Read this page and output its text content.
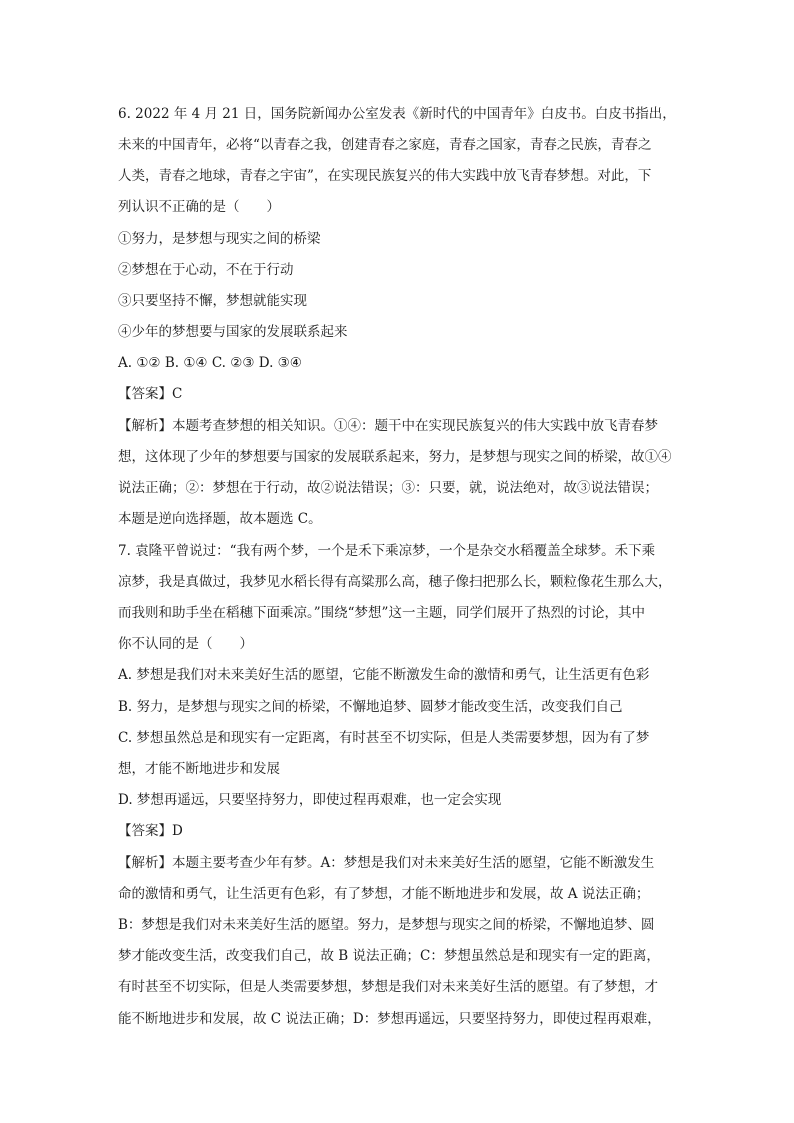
6. 2022 年 4 月 21 日，国务院新闻办公室发表《新时代的中国青年》白皮书。白皮书指出，
未来的中国青年，必将“以青春之我，创建青春之家庭，青春之国家，青春之民族，青春之
人类，青春之地球，青春之宇宙”，在实现民族复兴的伟大实践中放飞青春梦想。对此，下
列认识不正确的是（　　）
①努力，是梦想与现实之间的桥梁
②梦想在于心动，不在于行动
③只要坚持不懈，梦想就能实现
④少年的梦想要与国家的发展联系起来
A. ①② B. ①④ C. ②③ D. ③④
【答案】C
【解析】本题考查梦想的相关知识。①④：题干中在实现民族复兴的伟大实践中放飞青春梦
想，这体现了少年的梦想要与国家的发展联系起来，努力，是梦想与现实之间的桥梁，故①④
说法正确；②：梦想在于行动，故②说法错误；③：只要，就，说法绝对，故③说法错误；
本题是逆向选择题，故本题选 C。
7. 袁隆平曾说过：“我有两个梦，一个是禾下乘凉梦，一个是杂交水稻覆盖全球梦。禾下乘
凉梦，我是真做过，我梦见水稻长得有高粱那么高，穗子像扫把那么长，颗粒像花生那么大，
而我则和助手坐在稻穗下面乘凉。”围绕“梦想”这一主题，同学们展开了热烈的讨论，其中
你不认同的是（　　）
A. 梦想是我们对未来美好生活的愿望，它能不断激发生命的激情和勇气，让生活更有色彩
B. 努力，是梦想与现实之间的桥梁，不懈地追梦、圆梦才能改变生活，改变我们自己
C. 梦想虽然总是和现实有一定距离，有时甚至不切实际，但是人类需要梦想，因为有了梦
想，才能不断地进步和发展
D. 梦想再遥远，只要坚持努力，即使过程再艰难，也一定会实现
【答案】D
【解析】本题主要考查少年有梦。A：梦想是我们对未来美好生活的愿望，它能不断激发生
命的激情和勇气，让生活更有色彩，有了梦想，才能不断地进步和发展，故 A 说法正确；
B：梦想是我们对未来美好生活的愿望。努力，是梦想与现实之间的桥梁，不懈地追梦、圆
梦才能改变生活，改变我们自己，故 B 说法正确；C：梦想虽然总是和现实有一定的距离，
有时甚至不切实际，但是人类需要梦想，梦想是我们对未来美好生活的愿望。有了梦想，才
能不断地进步和发展，故 C 说法正确；D：梦想再遥远，只要坚持努力，即使过程再艰难，
